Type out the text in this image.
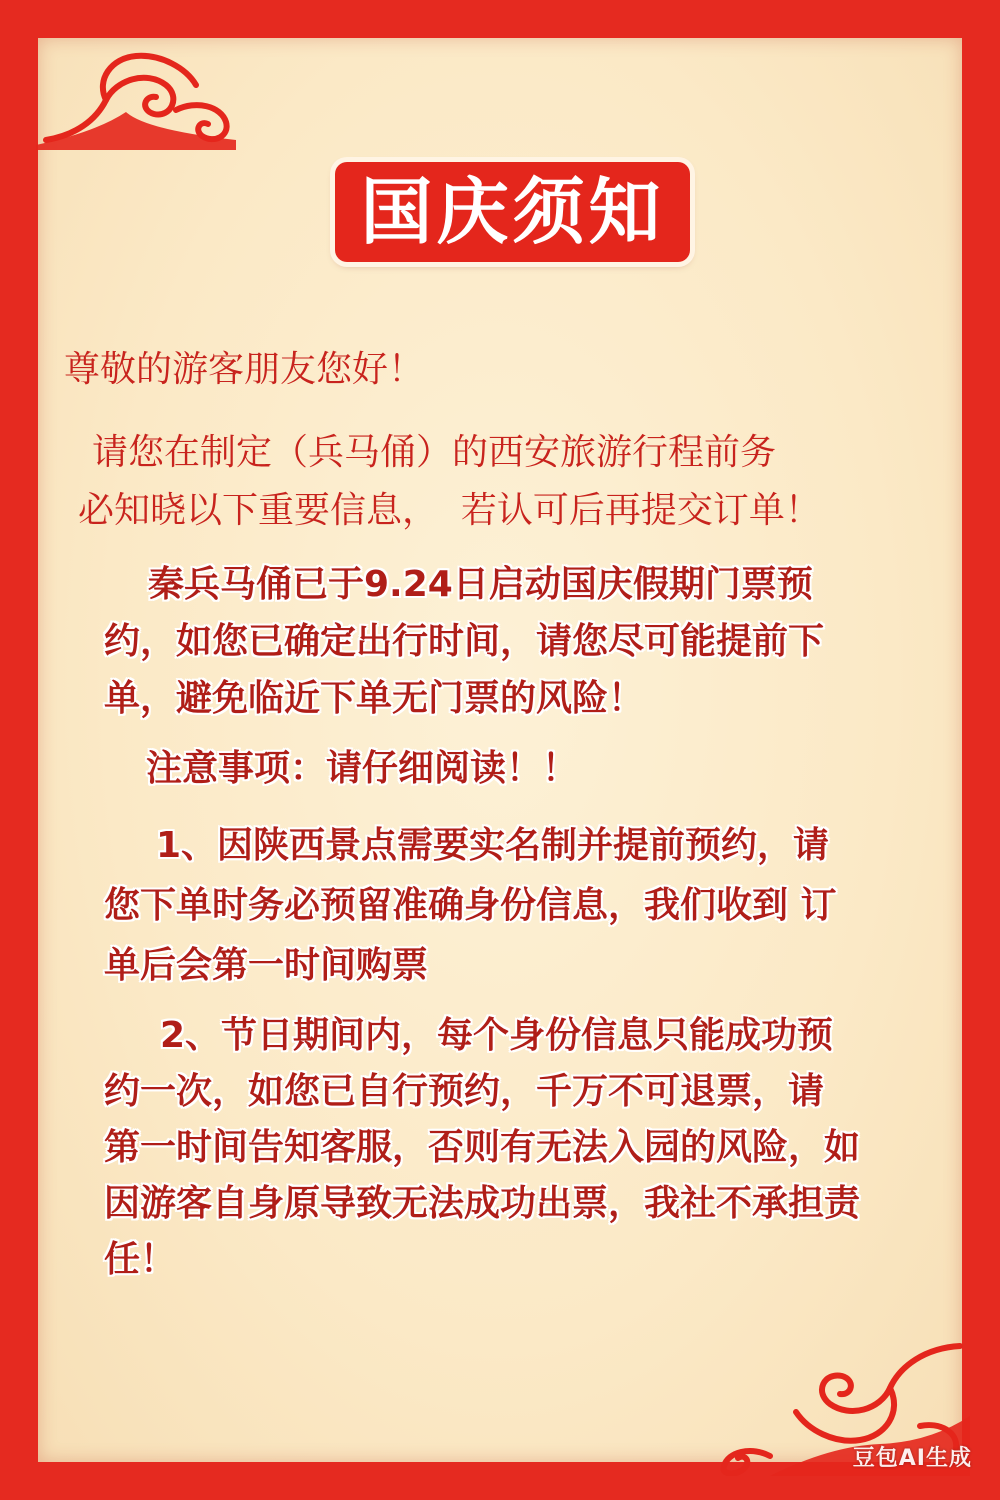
国庆须知
尊敬的游客朋友您好！
请您在制定（兵马俑）的西安旅游行程前务
必知晓以下重要信息，  若认可后再提交订单！
秦兵马俑已于9.24日启动国庆假期门票预
约，如您已确定出行时间，请您尽可能提前下
单，避免临近下单无门票的风险！
注意事项：请仔细阅读！！
1、因陕西景点需要实名制并提前预约，请
您下单时务必预留准确身份信息，我们收到 订
单后会第一时间购票
2、节日期间内，每个身份信息只能成功预
约一次，如您已自行预约，千万不可退票，请
第一时间告知客服，否则有无法入园的风险，如
因游客自身原导致无法成功出票，我社不承担责
任！
豆包AI生成
